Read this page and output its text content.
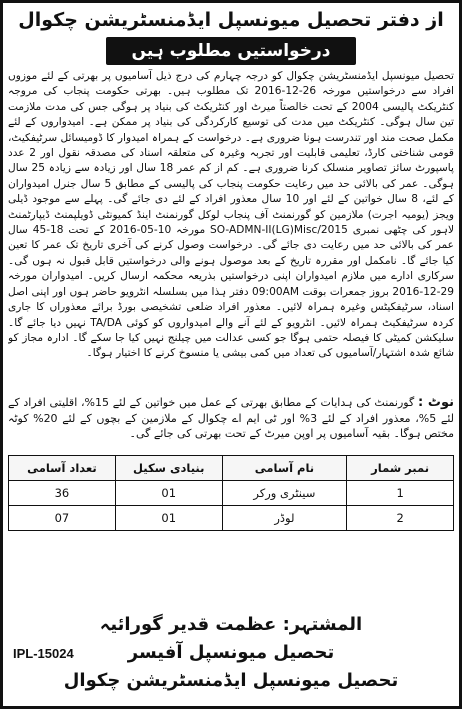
از دفتر تحصیل میونسپل ایڈمنسٹریشن چکوال
درخواستیں مطلوب ہیں

تحصیل میونسپل ایڈمنسٹریشن چکوال کو درجہ چہارم کی درج ذیل آسامیوں پر بھرتی کے لئے موزوں افراد سے درخواستیں مورخہ 26-12-2016 تک مطلوب ہیں۔ بھرتی حکومت پنجاب کی مروجہ کنٹریکٹ پالیسی 2004 کے تحت خالصتاً میرٹ اور کنٹریکٹ کی بنیاد پر ہوگی جس کی مدت ملازمت تین سال ہوگی۔ کنٹریکٹ میں مدت کی توسیع کارکردگی کی بنیاد پر ممکن ہے۔ امیدواروں کے لئے مکمل صحت مند اور تندرست ہونا ضروری ہے۔ درخواست کے ہمراہ امیدوار کا ڈومیسائل سرٹیفکیٹ، قومی شناختی کارڈ، تعلیمی قابلیت اور تجربہ وغیرہ کی متعلقہ اسناد کی مصدقہ نقول اور 2 عدد پاسپورٹ سائز تصاویر منسلک کرنا ضروری ہے۔ کم از کم عمر 18 سال اور زیادہ سے زیادہ 25 سال ہوگی۔ عمر کی بالائی حد میں رعایت حکومت پنجاب کی پالیسی کے مطابق 5 سال جنرل امیدواران کے لئے، 8 سال خواتین کے لئے اور 10 سال معذور افراد کے لئے دی جائے گی۔ پہلے سے موجود ڈیلی ویجز (یومیہ اجرت) ملازمین کو گورنمنٹ آف پنجاب لوکل گورنمنٹ اینڈ کمیونٹی ڈویلپمنٹ ڈیپارٹمنٹ لاہور کی چٹھی نمبری SO-ADMN-II(LG)Misc/2015 مورخہ 10-05-2016 کے تحت 18-45 سال عمر کی بالائی حد میں رعایت دی جائے گی۔ درخواست وصول کرنے کی آخری تاریخ تک عمر کا تعین کیا جائے گا۔ نامکمل اور مقررہ تاریخ کے بعد موصول ہونے والی درخواستیں قابل قبول نہ ہوں گی۔ سرکاری ادارے میں ملازم امیدواران اپنی درخواستیں بذریعہ محکمہ ارسال کریں۔ امیدواران مورخہ 29-12-2016 بروز جمعرات بوقت 09:00AM دفتر ہذا میں بسلسلہ انٹرویو حاضر ہوں اور اپنی اصل اسناد، سرٹیفکیٹس وغیرہ ہمراہ لائیں۔ معذور افراد ضلعی تشخیصی بورڈ برائے معذوراں کا جاری کردہ سرٹیفکیٹ ہمراہ لائیں۔ انٹرویو کے لئے آنے والے امیدواروں کو کوئی TA/DA نہیں دیا جائے گا۔ سلیکشن کمیٹی کا فیصلہ حتمی ہوگا جو کسی عدالت میں چیلنج نہیں کیا جا سکے گا۔ ادارہ مجاز کو شائع شدہ اشتہار/آسامیوں کی تعداد میں کمی بیشی یا منسوخ کرنے کا اختیار ہوگا۔

نوٹ : گورنمنٹ کی ہدایات کے مطابق بھرتی کے عمل میں خواتین کے لئے 15%، اقلیتی افراد کے لئے 5%، معذور افراد کے لئے 3% اور ٹی ایم اے چکوال کے ملازمین کے بچوں کے لئے 20% کوٹہ مختص ہوگا۔ بقیہ آسامیوں پر اوپن میرٹ کے تحت بھرتی کی جائے گی۔
نمبر شمار	نام آسامی	بنیادی سکیل	تعداد آسامی
1	سینٹری ورکر	01	36
2	لوڈر	01	07
المشتہر: عظمت قدیر گورائیہ
تحصیل میونسپل آفیسر
تحصیل میونسپل ایڈمنسٹریشن چکوال
IPL-15024
